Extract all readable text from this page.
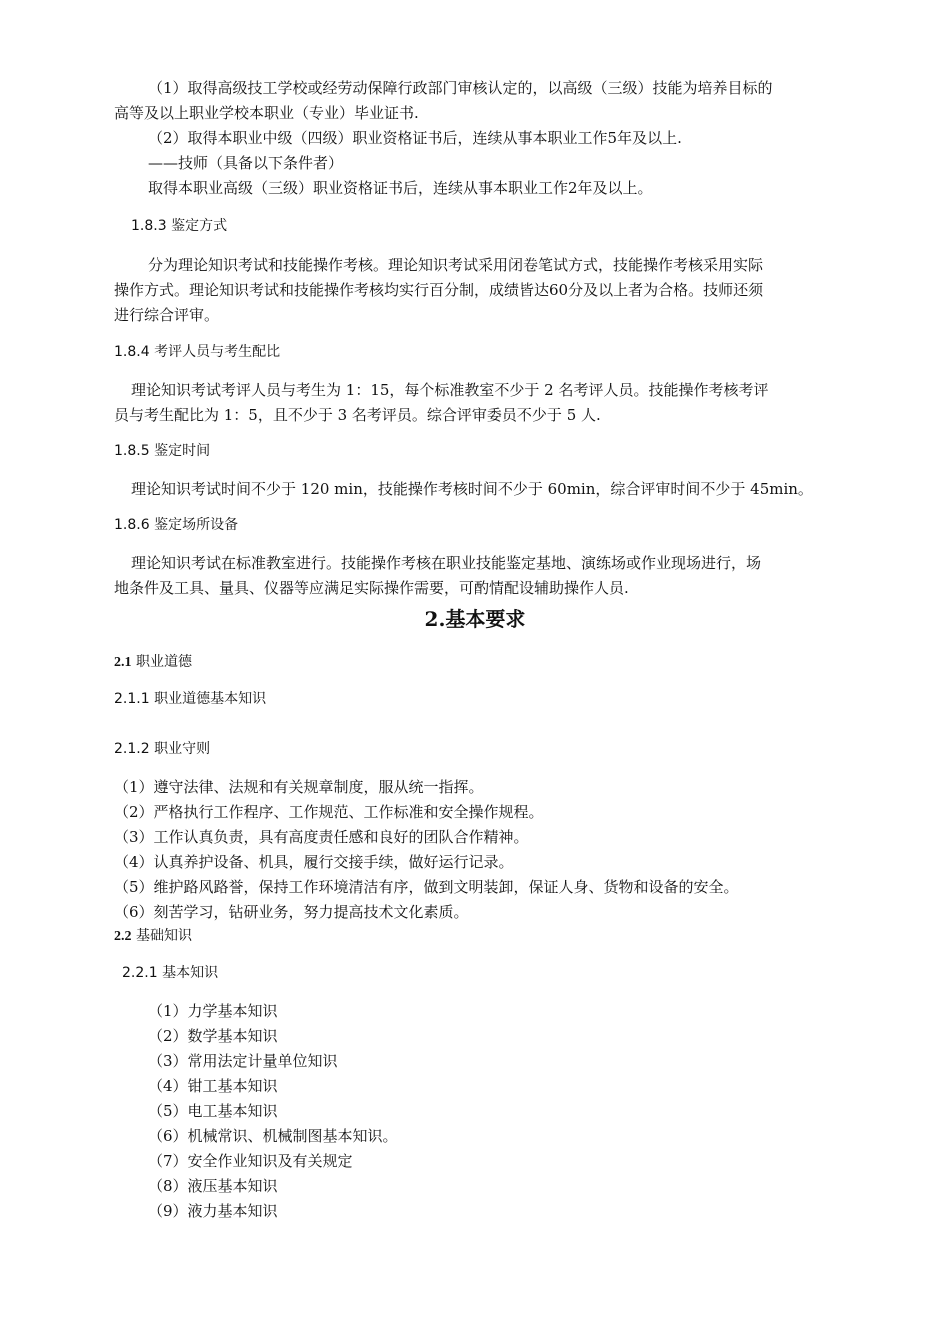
（1）取得高级技工学校或经劳动保障行政部门审核认定的，以高级（三级）技能为培养目标的
高等及以上职业学校本职业（专业）毕业证书.
（2）取得本职业中级（四级）职业资格证书后，连续从事本职业工作5年及以上.
——技师（具备以下条件者）
取得本职业高级（三级）职业资格证书后，连续从事本职业工作2年及以上。
1.8.3 鉴定方式
分为理论知识考试和技能操作考核。理论知识考试采用闭卷笔试方式，技能操作考核采用实际
操作方式。理论知识考试和技能操作考核均实行百分制，成绩皆达60分及以上者为合格。技师还须
进行综合评审。
1.8.4 考评人员与考生配比
理论知识考试考评人员与考生为 1：15，每个标准教室不少于 2 名考评人员。技能操作考核考评
员与考生配比为 1：5，且不少于 3 名考评员。综合评审委员不少于 5 人.
1.8.5 鉴定时间
理论知识考试时间不少于 120 min，技能操作考核时间不少于 60min，综合评审时间不少于 45min。
1.8.6 鉴定场所设备
理论知识考试在标准教室进行。技能操作考核在职业技能鉴定基地、演练场或作业现场进行，场
地条件及工具、量具、仪器等应满足实际操作需要，可酌情配设辅助操作人员.
2.基本要求
2.1 职业道德
2.1.1 职业道德基本知识
2.1.2 职业守则
（1）遵守法律、法规和有关规章制度，服从统一指挥。
（2）严格执行工作程序、工作规范、工作标准和安全操作规程。
（3）工作认真负责，具有高度责任感和良好的团队合作精神。
（4）认真养护设备、机具，履行交接手续，做好运行记录。
（5）维护路风路誉，保持工作环境清洁有序，做到文明装卸，保证人身、货物和设备的安全。
（6）刻苦学习，钻研业务，努力提高技术文化素质。
2.2 基础知识
2.2.1 基本知识
（1）力学基本知识
（2）数学基本知识
（3）常用法定计量单位知识
（4）钳工基本知识
（5）电工基本知识
（6）机械常识、机械制图基本知识。
（7）安全作业知识及有关规定
（8）液压基本知识
（9）液力基本知识
